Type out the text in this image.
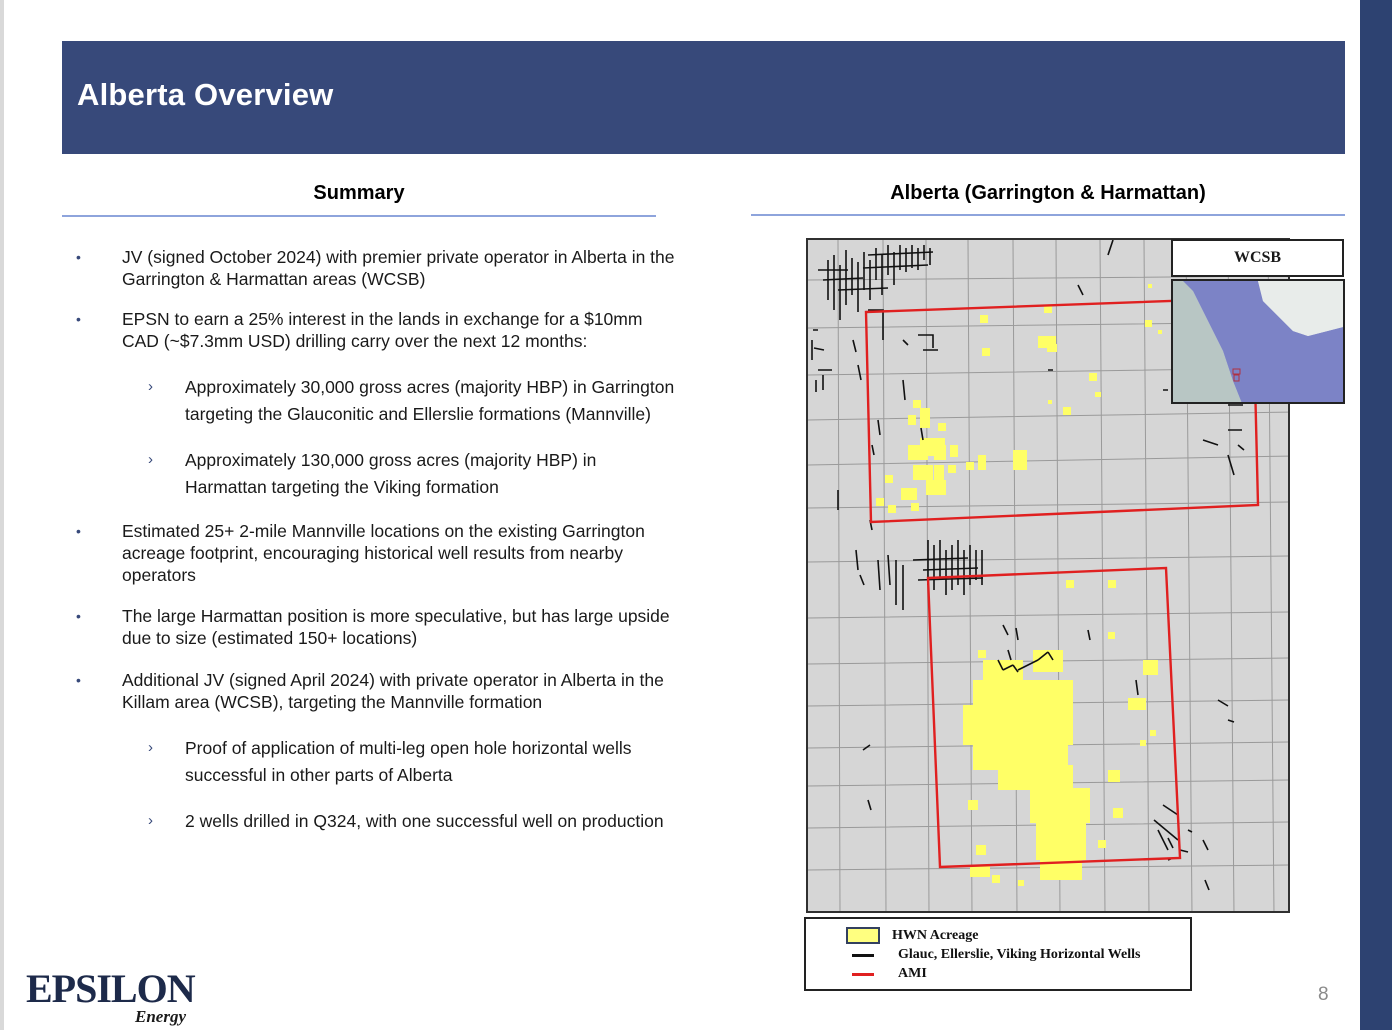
Alberta Overview
Summary	Alberta (Garrington & Harmattan)
• JV (signed October 2024) with premier private operator in Alberta in the Garrington & Harmattan areas (WCSB)
• EPSN to earn a 25% interest in the lands in exchange for a $10mm CAD (~$7.3mm USD) drilling carry over the next 12 months:
› Approximately 30,000 gross acres (majority HBP) in Garrington targeting the Glauconitic and Ellerslie formations (Mannville)
› Approximately 130,000 gross acres (majority HBP) in Harmattan targeting the Viking formation
• Estimated 25+ 2-mile Mannville locations on the existing Garrington acreage footprint, encouraging historical well results from nearby operators
• The large Harmattan position is more speculative, but has large upside due to size (estimated 150+ locations)
• Additional JV (signed April 2024) with private operator in Alberta in the Killam area (WCSB), targeting the Mannville formation
› Proof of application of multi-leg open hole horizontal wells successful in other parts of Alberta
› 2 wells drilled in Q324, with one successful well on production
WCSB
HWN Acreage
Glauc, Ellerslie, Viking Horizontal Wells
AMI
EPSILON
Energy
8
